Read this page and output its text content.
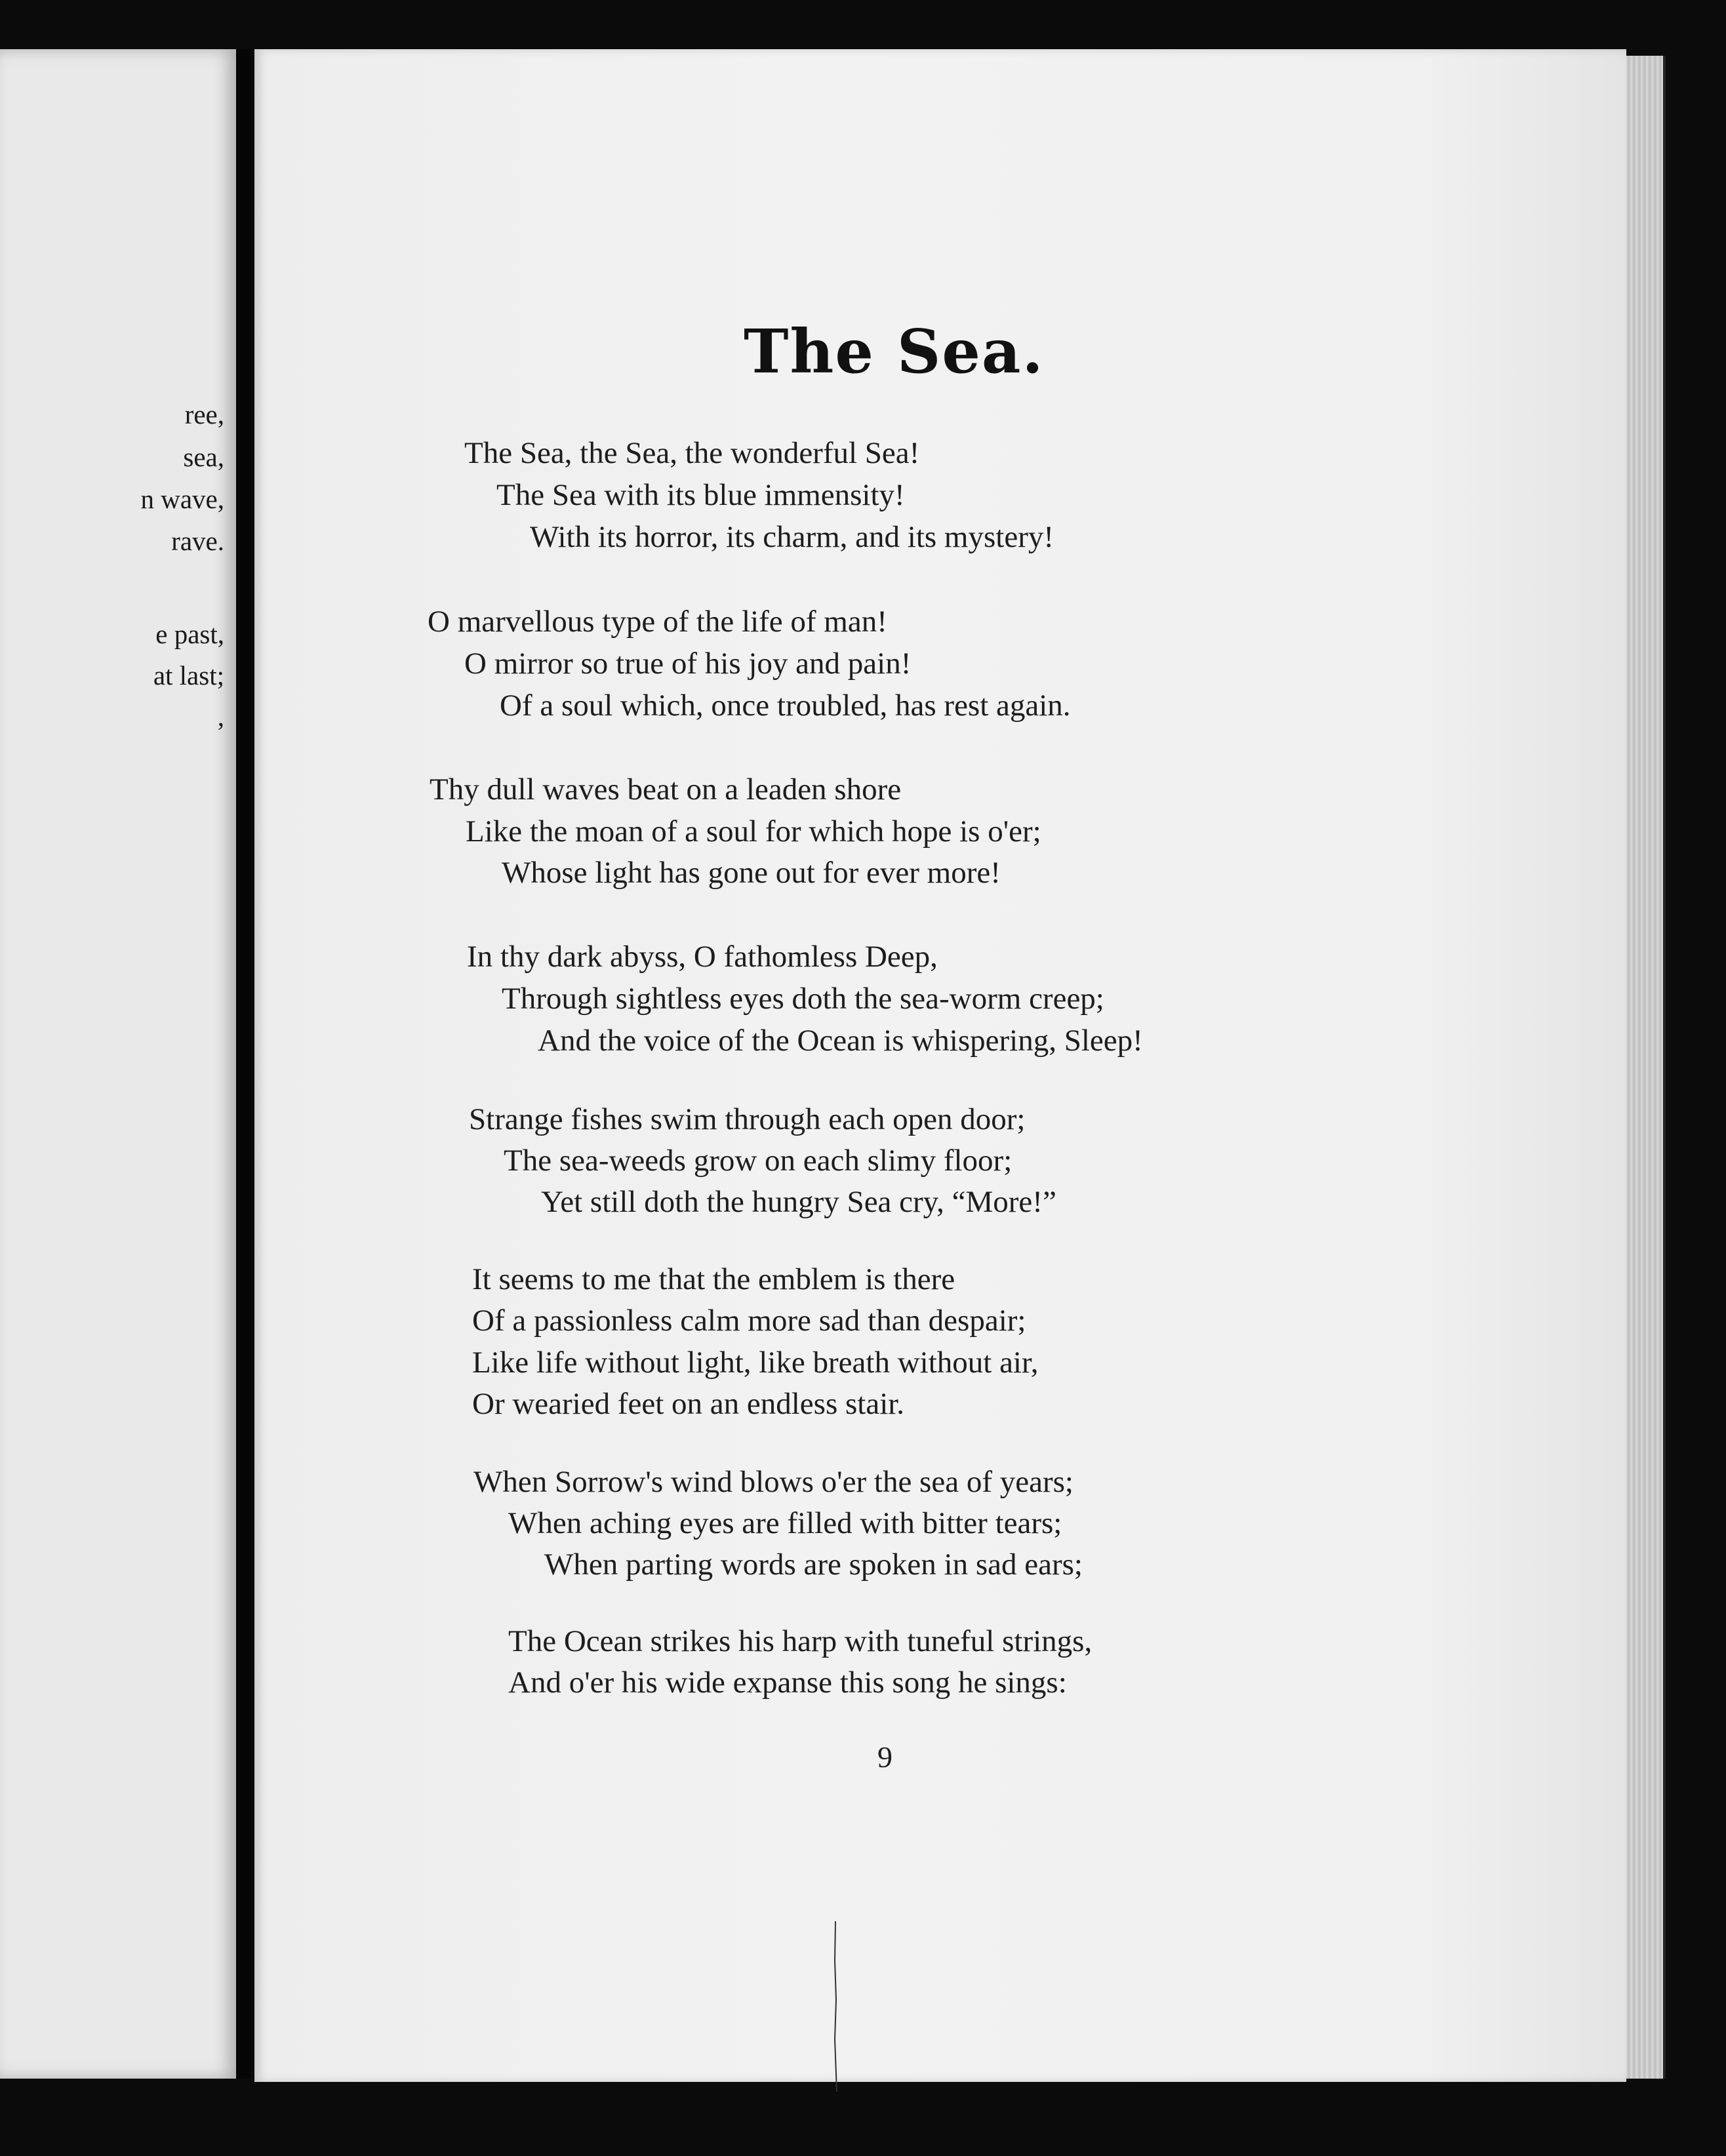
ree,
sea,
n wave,
rave.
e past,
at last;
,
The Sea.
The Sea, the Sea, the wonderful Sea!
The Sea with its blue immensity!
With its horror, its charm, and its mystery!
O marvellous type of the life of man!
O mirror so true of his joy and pain!
Of a soul which, once troubled, has rest again.
Thy dull waves beat on a leaden shore
Like the moan of a soul for which hope is o'er;
Whose light has gone out for ever more!
In thy dark abyss, O fathomless Deep,
Through sightless eyes doth the sea-worm creep;
And the voice of the Ocean is whispering, Sleep!
Strange fishes swim through each open door;
The sea-weeds grow on each slimy floor;
Yet still doth the hungry Sea cry, “More!”
It seems to me that the emblem is there
Of a passionless calm more sad than despair;
Like life without light, like breath without air,
Or wearied feet on an endless stair.
When Sorrow's wind blows o'er the sea of years;
When aching eyes are filled with bitter tears;
When parting words are spoken in sad ears;
The Ocean strikes his harp with tuneful strings,
And o'er his wide expanse this song he sings:
9
